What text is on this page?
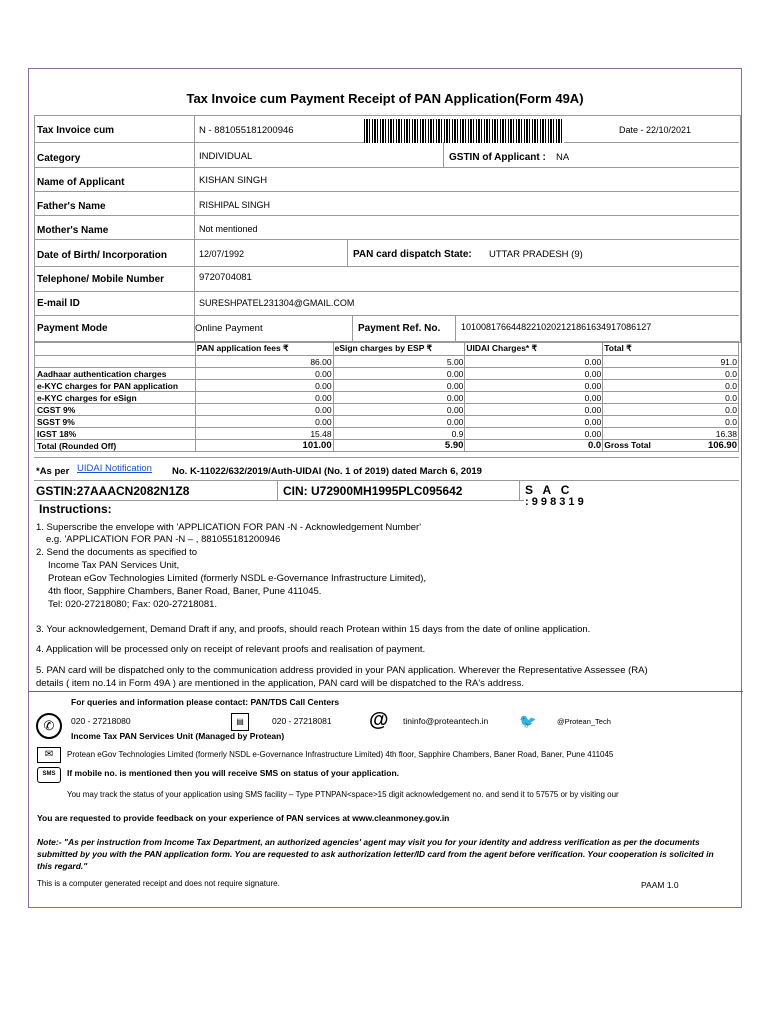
Tax Invoice cum Payment Receipt of PAN Application(Form 49A)
Tax Invoice cum	N - 881055181200946	Date - 22/10/2021
Category	INDIVIDUAL	GSTIN of Applicant : NA
Name of Applicant	KISHAN SINGH
Father's Name	RISHIPAL SINGH
Mother's Name	Not mentioned
Date of Birth/ Incorporation	12/07/1992	PAN card dispatch State: UTTAR PRADESH (9)
Telephone/ Mobile Number	9720704081
E-mail ID	SURESHPATEL231304@GMAIL.COM
Payment Mode	Online Payment	Payment Ref. No. 10100817664482210202121861634917086127
	PAN application fees ₹	eSign charges by ESP ₹	UIDAI Charges* ₹	Total ₹
	86.00	5.00	0.00	91.0
Aadhaar authentication charges	0.00	0.00	0.00	0.0
e-KYC charges for PAN application	0.00	0.00	0.00	0.0
e-KYC charges for eSign	0.00	0.00	0.00	0.0
CGST 9%	0.00	0.00	0.00	0.0
SGST 9%	0.00	0.00	0.00	0.0
IGST 18%	15.48	0.9	0.00	16.38
Total (Rounded Off)	101.00	5.90	0.0	Gross Total 106.90
*As per UIDAI Notification No. K-11022/632/2019/Auth-UIDAI (No. 1 of 2019) dated March 6, 2019
GSTIN:27AAACN2082N1Z8	CIN: U72900MH1995PLC095642	S   A   C
: 9 9 8 3 1 9
Instructions:
1. Superscribe the envelope with 'APPLICATION FOR PAN -N - Acknowledgement Number'
e.g. 'APPLICATION FOR PAN -N – , 881055181200946
2. Send the documents as specified to
Income Tax PAN Services Unit,
Protean eGov Technologies Limited (formerly NSDL e-Governance Infrastructure Limited),
4th floor, Sapphire Chambers, Baner Road, Baner, Pune 411045.
Tel: 020-27218080; Fax: 020-27218081.
3. Your acknowledgement, Demand Draft if any, and proofs, should reach Protean within 15 days from the date of online application.
4. Application will be processed only on receipt of relevant proofs and realisation of payment.
5. PAN card will be dispatched only to the communication address provided in your PAN application. Wherever the Representative Assessee (RA)
details ( item no.14 in Form 49A ) are mentioned in the application, PAN card will be dispatched to the RA's address.
For queries and information please contact: PAN/TDS Call Centers
✆	020 - 27218080	▤	020 - 27218081 @ tininfo@proteantech.in 🐦	@Protean_Tech
Income Tax PAN Services Unit (Managed by Protean)
✉	Protean eGov Technologies Limited (formerly NSDL e-Governance Infrastructure Limited) 4th floor, Sapphire Chambers, Baner Road, Baner, Pune 411045
SMS	If mobile no. is mentioned then you will receive SMS on status of your application.
You may track the status of your application using SMS facility – Type PTNPAN<space>15 digit acknowledgement no. and send it to 57575 or by visiting our
You are requested to provide feedback on your experience of PAN services at www.cleanmoney.gov.in
Note:- "As per instruction from Income Tax Department, an authorized agencies' agent may visit you for your identity and address verification as per the documents submitted by you with the PAN application form. You are requested to ask authorization letter/ID card from the agent before verification. Your cooperation is solicited in this regard."
This is a computer generated receipt and does not require signature.	PAAM 1.0
